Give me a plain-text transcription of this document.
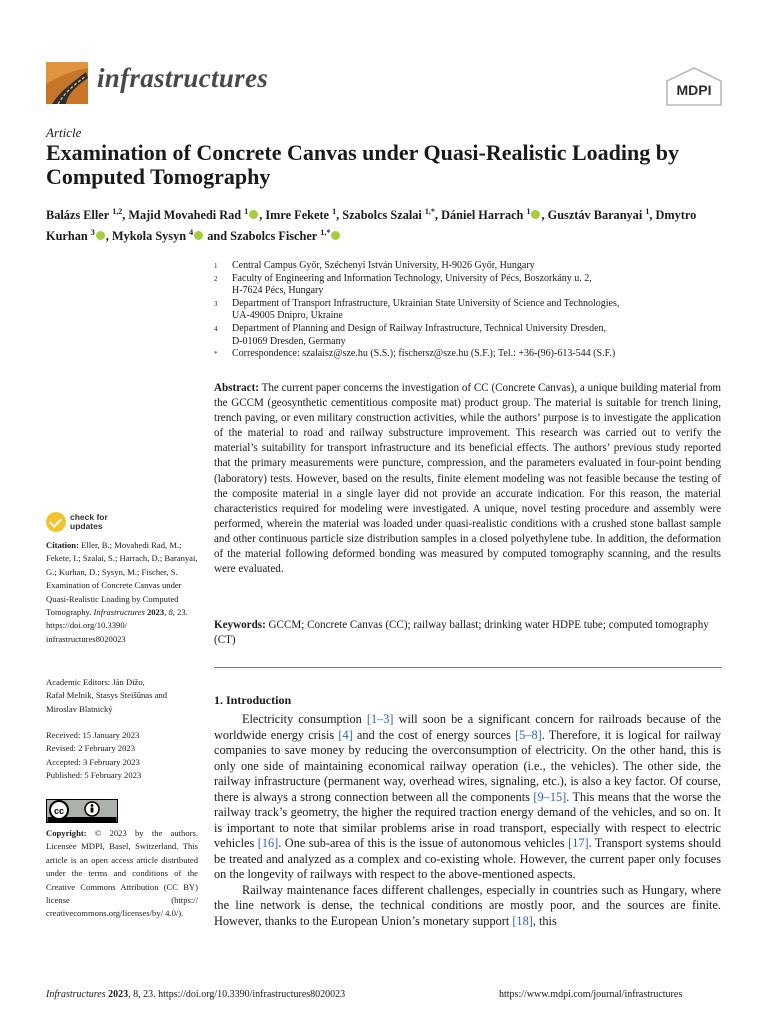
infrastructures	MDPI
Article
Examination of Concrete Canvas under Quasi-Realistic Loading by Computed Tomography
Balázs Eller $^{1,2}$, Majid Movahedi Rad $^1$ , Imre Fekete $^1$, Szabolcs Szalai $^{1,*}$, Dániel Harrach $^1$ , Gusztáv Baranyai $^1$, Dmytro Kurhan $^3$ , Mykola Sysyn $^4$ and Szabolcs Fischer $^{1,*}$
1	Central Campus Győr, Széchenyi István University, H-9026 Győr, Hungary
2	Faculty of Engineering and Information Technology, University of Pécs, Boszorkány u. 2,
H-7624 Pécs, Hungary
3	Department of Transport Infrastructure, Ukrainian State University of Science and Technologies,
UA-49005 Dnipro, Ukraine
4	Department of Planning and Design of Railway Infrastructure, Technical University Dresden,
D-01069 Dresden, Germany
*	Correspondence: szalaisz@sze.hu (S.S.); fischersz@sze.hu (S.F.); Tel.: +36-(96)-613-544 (S.F.)

Abstract: The current paper concerns the investigation of CC (Concrete Canvas), a unique building material from the GCCM (geosynthetic cementitious composite mat) product group. The material is suitable for trench lining, trench paving, or even military construction activities, while the authors’ purpose is to investigate the application of the material to road and railway substructure improvement. This research was carried out to verify the material’s suitability for transport infrastructure and its beneficial effects. The authors’ previous study reported that the primary measurements were puncture, compression, and the parameters evaluated in four-point bending (laboratory) tests. However, based on the results, finite element modeling was not feasible because the testing of the composite material in a single layer did not provide an accurate indication. For this reason, the material characteristics required for modeling were investigated. A unique, novel testing procedure and assembly were performed, wherein the material was loaded under quasi-realistic conditions with a crushed stone ballast sample and other continuous particle size distribution samples in a closed polyethylene tube. In addition, the deformation of the material following deformed bonding was measured by computed tomography scanning, and the results were evaluated.

Keywords: GCCM; Concrete Canvas (CC); railway ballast; drinking water HDPE tube; computed tomography (CT)

1. Introduction

Electricity consumption [1–3] will soon be a significant concern for railroads because of the worldwide energy crisis [4] and the cost of energy sources [5–8]. Therefore, it is logical for railway companies to save money by reducing the overconsumption of electricity. On the other hand, this is only one side of maintaining economical railway operation (i.e., the vehicles). The other side, the railway infrastructure (permanent way, overhead wires, signaling, etc.), is also a key factor. Of course, there is always a strong connection between all the components [9–15]. This means that the worse the railway track’s geometry, the higher the required traction energy demand of the vehicles, and so on. It is important to note that similar problems arise in road transport, especially with respect to electric vehicles [16]. One sub-area of this is the issue of autonomous vehicles [17]. Transport systems should be treated and analyzed as a complex and co-existing whole. However, the current paper only focuses on the longevity of railways with respect to the above-mentioned aspects.

Railway maintenance faces different challenges, especially in countries such as Hungary, where the line network is dense, the technical conditions are mostly poor, and the sources are finite. However, thanks to the European Union’s monetary support [18], this

check for
updates

Citation: Eller, B.; Movahedi Rad, M.; Fekete, I.; Szalai, S.; Harrach, D.; Baranyai, G.; Kurhan, D.; Sysyn, M.; Fischer, S. Examination of Concrete Canvas under Quasi-Realistic Loading by Computed Tomography. Infrastructures 2023, 8, 23.

https://doi.org/10.3390/
infrastructures8020023

Academic Editors: Ján Dižo,

Rafał Melnik, Stasys Steišūnas and

Miroslav Blatnický

Received: 15 January 2023

Revised: 2 February 2023

Accepted: 3 February 2023

Published: 5 February 2023

cc

Copyright: © 2023 by the authors. Licensee MDPI, Basel, Switzerland. This article is an open access article distributed under the terms and conditions of the Creative Commons Attribution (CC BY) license (https:// creativecommons.org/licenses/by/ 4.0/).

Infrastructures 2023, 8, 23. https://doi.org/10.3390/infrastructures8020023	https://www.mdpi.com/journal/infrastructures
